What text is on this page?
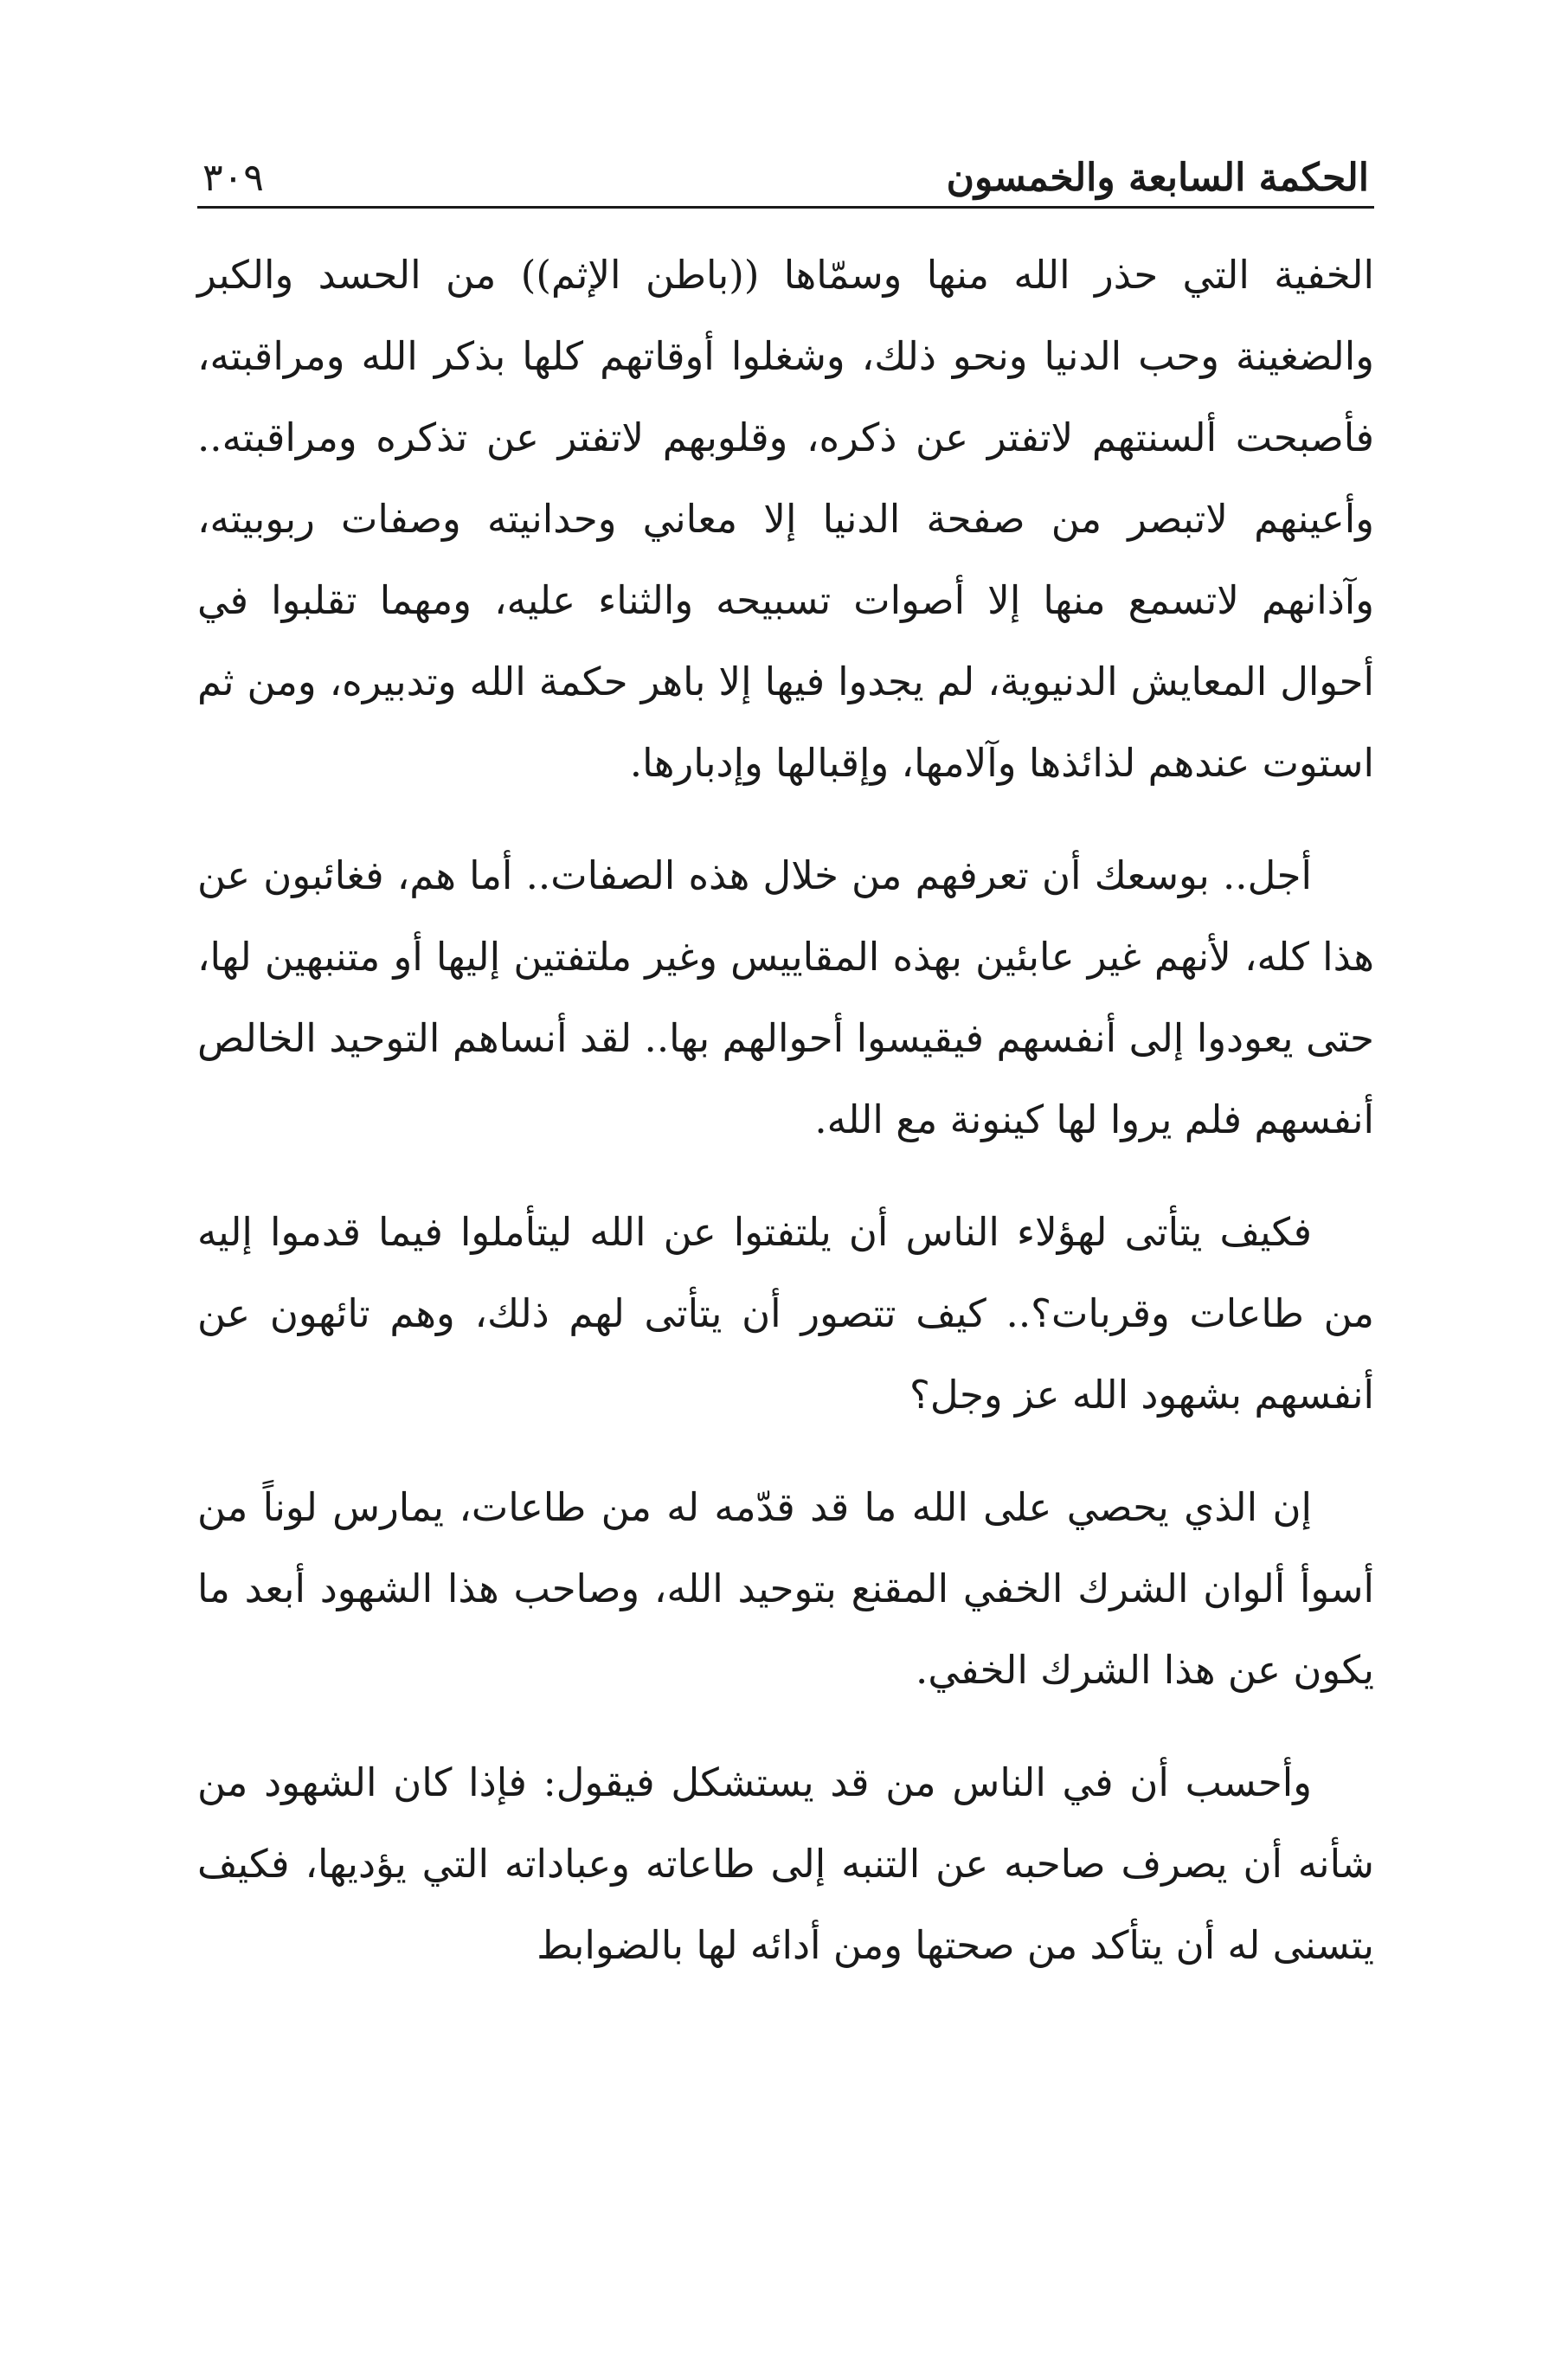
الحكمة السابعة والخمسون
٣٠٩

الخفية التي حذر الله منها وسمّاها ((باطن الإثم)) من الحسد والكبر والضغينة وحب الدنيا ونحو ذلك، وشغلوا أوقاتهم كلها بذكر الله ومراقبته، فأصبحت ألسنتهم لاتفتر عن ذكره، وقلوبهم لاتفتر عن تذكره ومراقبته.. وأعينهم لاتبصر من صفحة الدنيا إلا معاني وحدانيته وصفات ربوبيته، وآذانهم لاتسمع منها إلا أصوات تسبيحه والثناء عليه، ومهما تقلبوا في أحوال المعايش الدنيوية، لم يجدوا فيها إلا باهر حكمة الله وتدبيره، ومن ثم استوت عندهم لذائذها وآلامها، وإقبالها وإدبارها.

أجل.. بوسعك أن تعرفهم من خلال هذه الصفات.. أما هم، فغائبون عن هذا كله، لأنهم غير عابئين بهذه المقاييس وغير ملتفتين إليها أو متنبهين لها، حتى يعودوا إلى أنفسهم فيقيسوا أحوالهم بها.. لقد أنساهم التوحيد الخالص أنفسهم فلم يروا لها كينونة مع الله.

فكيف يتأتى لهؤلاء الناس أن يلتفتوا عن الله ليتأملوا فيما قدموا إليه من طاعات وقربات؟.. كيف تتصور أن يتأتى لهم ذلك، وهم تائهون عن أنفسهم بشهود الله عز وجل؟

إن الذي يحصي على الله ما قد قدّمه له من طاعات، يمارس لوناً من أسوأ ألوان الشرك الخفي المقنع بتوحيد الله، وصاحب هذا الشهود أبعد ما يكون عن هذا الشرك الخفي.

وأحسب أن في الناس من قد يستشكل فيقول: فإذا كان الشهود من شأنه أن يصرف صاحبه عن التنبه إلى طاعاته وعباداته التي يؤديها، فكيف يتسنى له أن يتأكد من صحتها ومن أدائه لها بالضوابط
